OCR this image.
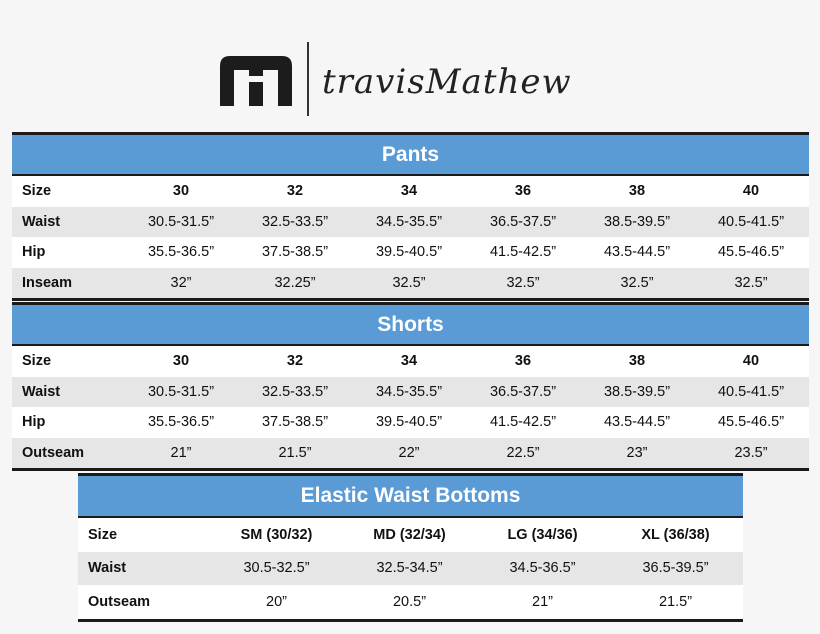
travisMathew
Pants
Size	30	32	34	36	38	40
Waist	30.5-31.5”	32.5-33.5”	34.5-35.5”	36.5-37.5”	38.5-39.5”	40.5-41.5”
Hip	35.5-36.5”	37.5-38.5”	39.5-40.5”	41.5-42.5”	43.5-44.5”	45.5-46.5”
Inseam	32”	32.25”	32.5”	32.5”	32.5”	32.5”
Shorts
Size	30	32	34	36	38	40
Waist	30.5-31.5”	32.5-33.5”	34.5-35.5”	36.5-37.5”	38.5-39.5”	40.5-41.5”
Hip	35.5-36.5”	37.5-38.5”	39.5-40.5”	41.5-42.5”	43.5-44.5”	45.5-46.5”
Outseam	21”	21.5”	22”	22.5”	23”	23.5”
Elastic Waist Bottoms
Size	SM (30/32)	MD (32/34)	LG (34/36)	XL (36/38)
Waist	30.5-32.5”	32.5-34.5”	34.5-36.5”	36.5-39.5”
Outseam	20”	20.5”	21”	21.5”
